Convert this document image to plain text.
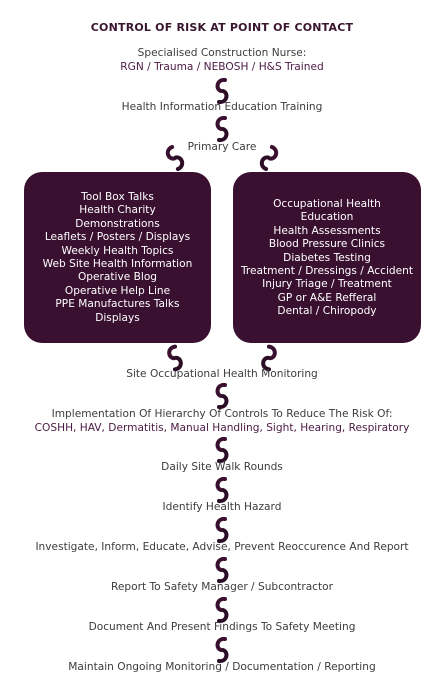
CONTROL OF RISK AT POINT OF CONTACT
Specialised Construction Nurse:
RGN / Trauma / NEBOSH / H&S Trained
Health Information Education Training
Primary Care
Tool Box Talks
Health Charity
Demonstrations
Leaflets / Posters / Displays
Weekly Health Topics
Web Site Health Information
Operative Blog
Operative Help Line
PPE Manufactures Talks
Displays
Occupational Health
Education
Health Assessments
Blood Pressure Clinics
Diabetes Testing
Treatment / Dressings / Accident
Injury Triage / Treatment
GP or A&E Refferal
Dental / Chiropody
Site Occupational Health Monitoring
Implementation Of Hierarchy Of Controls To Reduce The Risk Of:
COSHH, HAV, Dermatitis, Manual Handling, Sight, Hearing, Respiratory
Daily Site Walk Rounds
Identify Health Hazard
Investigate, Inform, Educate, Advise, Prevent Reoccurence And Report
Report To Safety Manager / Subcontractor
Document And Present Findings To Safety Meeting
Maintain Ongoing Monitoring / Documentation / Reporting
